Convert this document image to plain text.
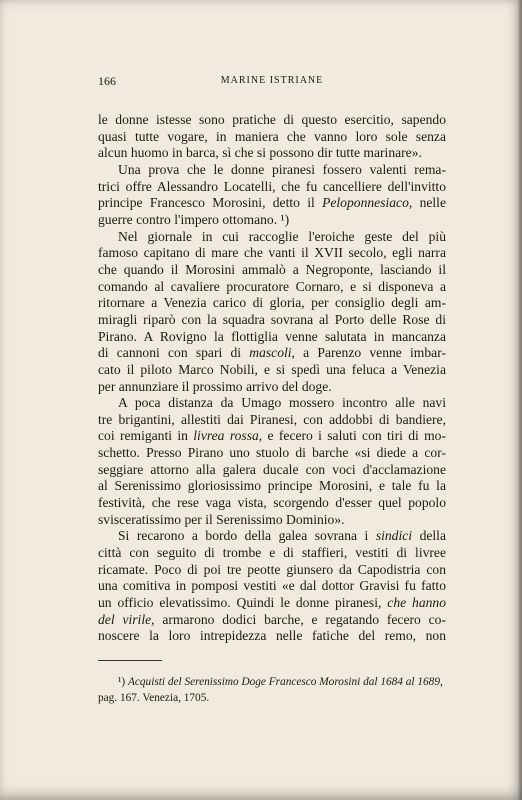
166	MARINE ISTRIANE

le donne istesse sono pratiche di questo esercitio, sapendo
quasi tutte vogare, in maniera che vanno loro sole senza
alcun huomo in barca, sì che si possono dir tutte marinare».

Una prova che le donne piranesi fossero valenti rema-
trici offre Alessandro Locatelli, che fu cancelliere dell'invitto
principe Francesco Morosini, detto il Peloponnesiaco, nelle
guerre contro l'impero ottomano. ¹)

Nel giornale in cui raccoglie l'eroiche geste del più
famoso capitano di mare che vanti il XVII secolo, egli narra
che quando il Morosini ammalò a Negroponte, lasciando il
comando al cavaliere procuratore Cornaro, e si disponeva a
ritornare a Venezia carico di gloria, per consiglio degli am-
miragli riparò con la squadra sovrana al Porto delle Rose di
Pirano. A Rovigno la flottiglia venne salutata in mancanza
di cannoni con spari di mascoli, a Parenzo venne imbar-
cato il piloto Marco Nobili, e si spedì una feluca a Venezia
per annunziare il prossimo arrivo del doge.

A poca distanza da Umago mossero incontro alle navi
tre brigantini, allestiti dai Piranesi, con addobbi di bandiere,
coi remiganti in livrea rossa, e fecero i saluti con tiri di mo-
schetto. Presso Pirano uno stuolo di barche «si diede a cor-
seggiare attorno alla galera ducale con voci d'acclamazione
al Serenissimo gloriosissimo principe Morosini, e tale fu la
festività, che rese vaga vista, scorgendo d'esser quel popolo
svisceratissimo per il Serenissimo Dominio».

Si recarono a bordo della galea sovrana i sindici della
città con seguito di trombe e di staffieri, vestiti di livree
ricamate. Poco di poi tre peotte giunsero da Capodistria con
una comitiva in pomposi vestiti «e dal dottor Gravisi fu fatto
un officio elevatissimo. Quindi le donne piranesi, che hanno
del virile, armarono dodici barche, e regatando fecero co-
noscere la loro intrepidezza nelle fatiche del remo, non

¹) Acquisti del Serenissimo Doge Francesco Morosini dal 1684 al 1689,
pag. 167. Venezia, 1705.
